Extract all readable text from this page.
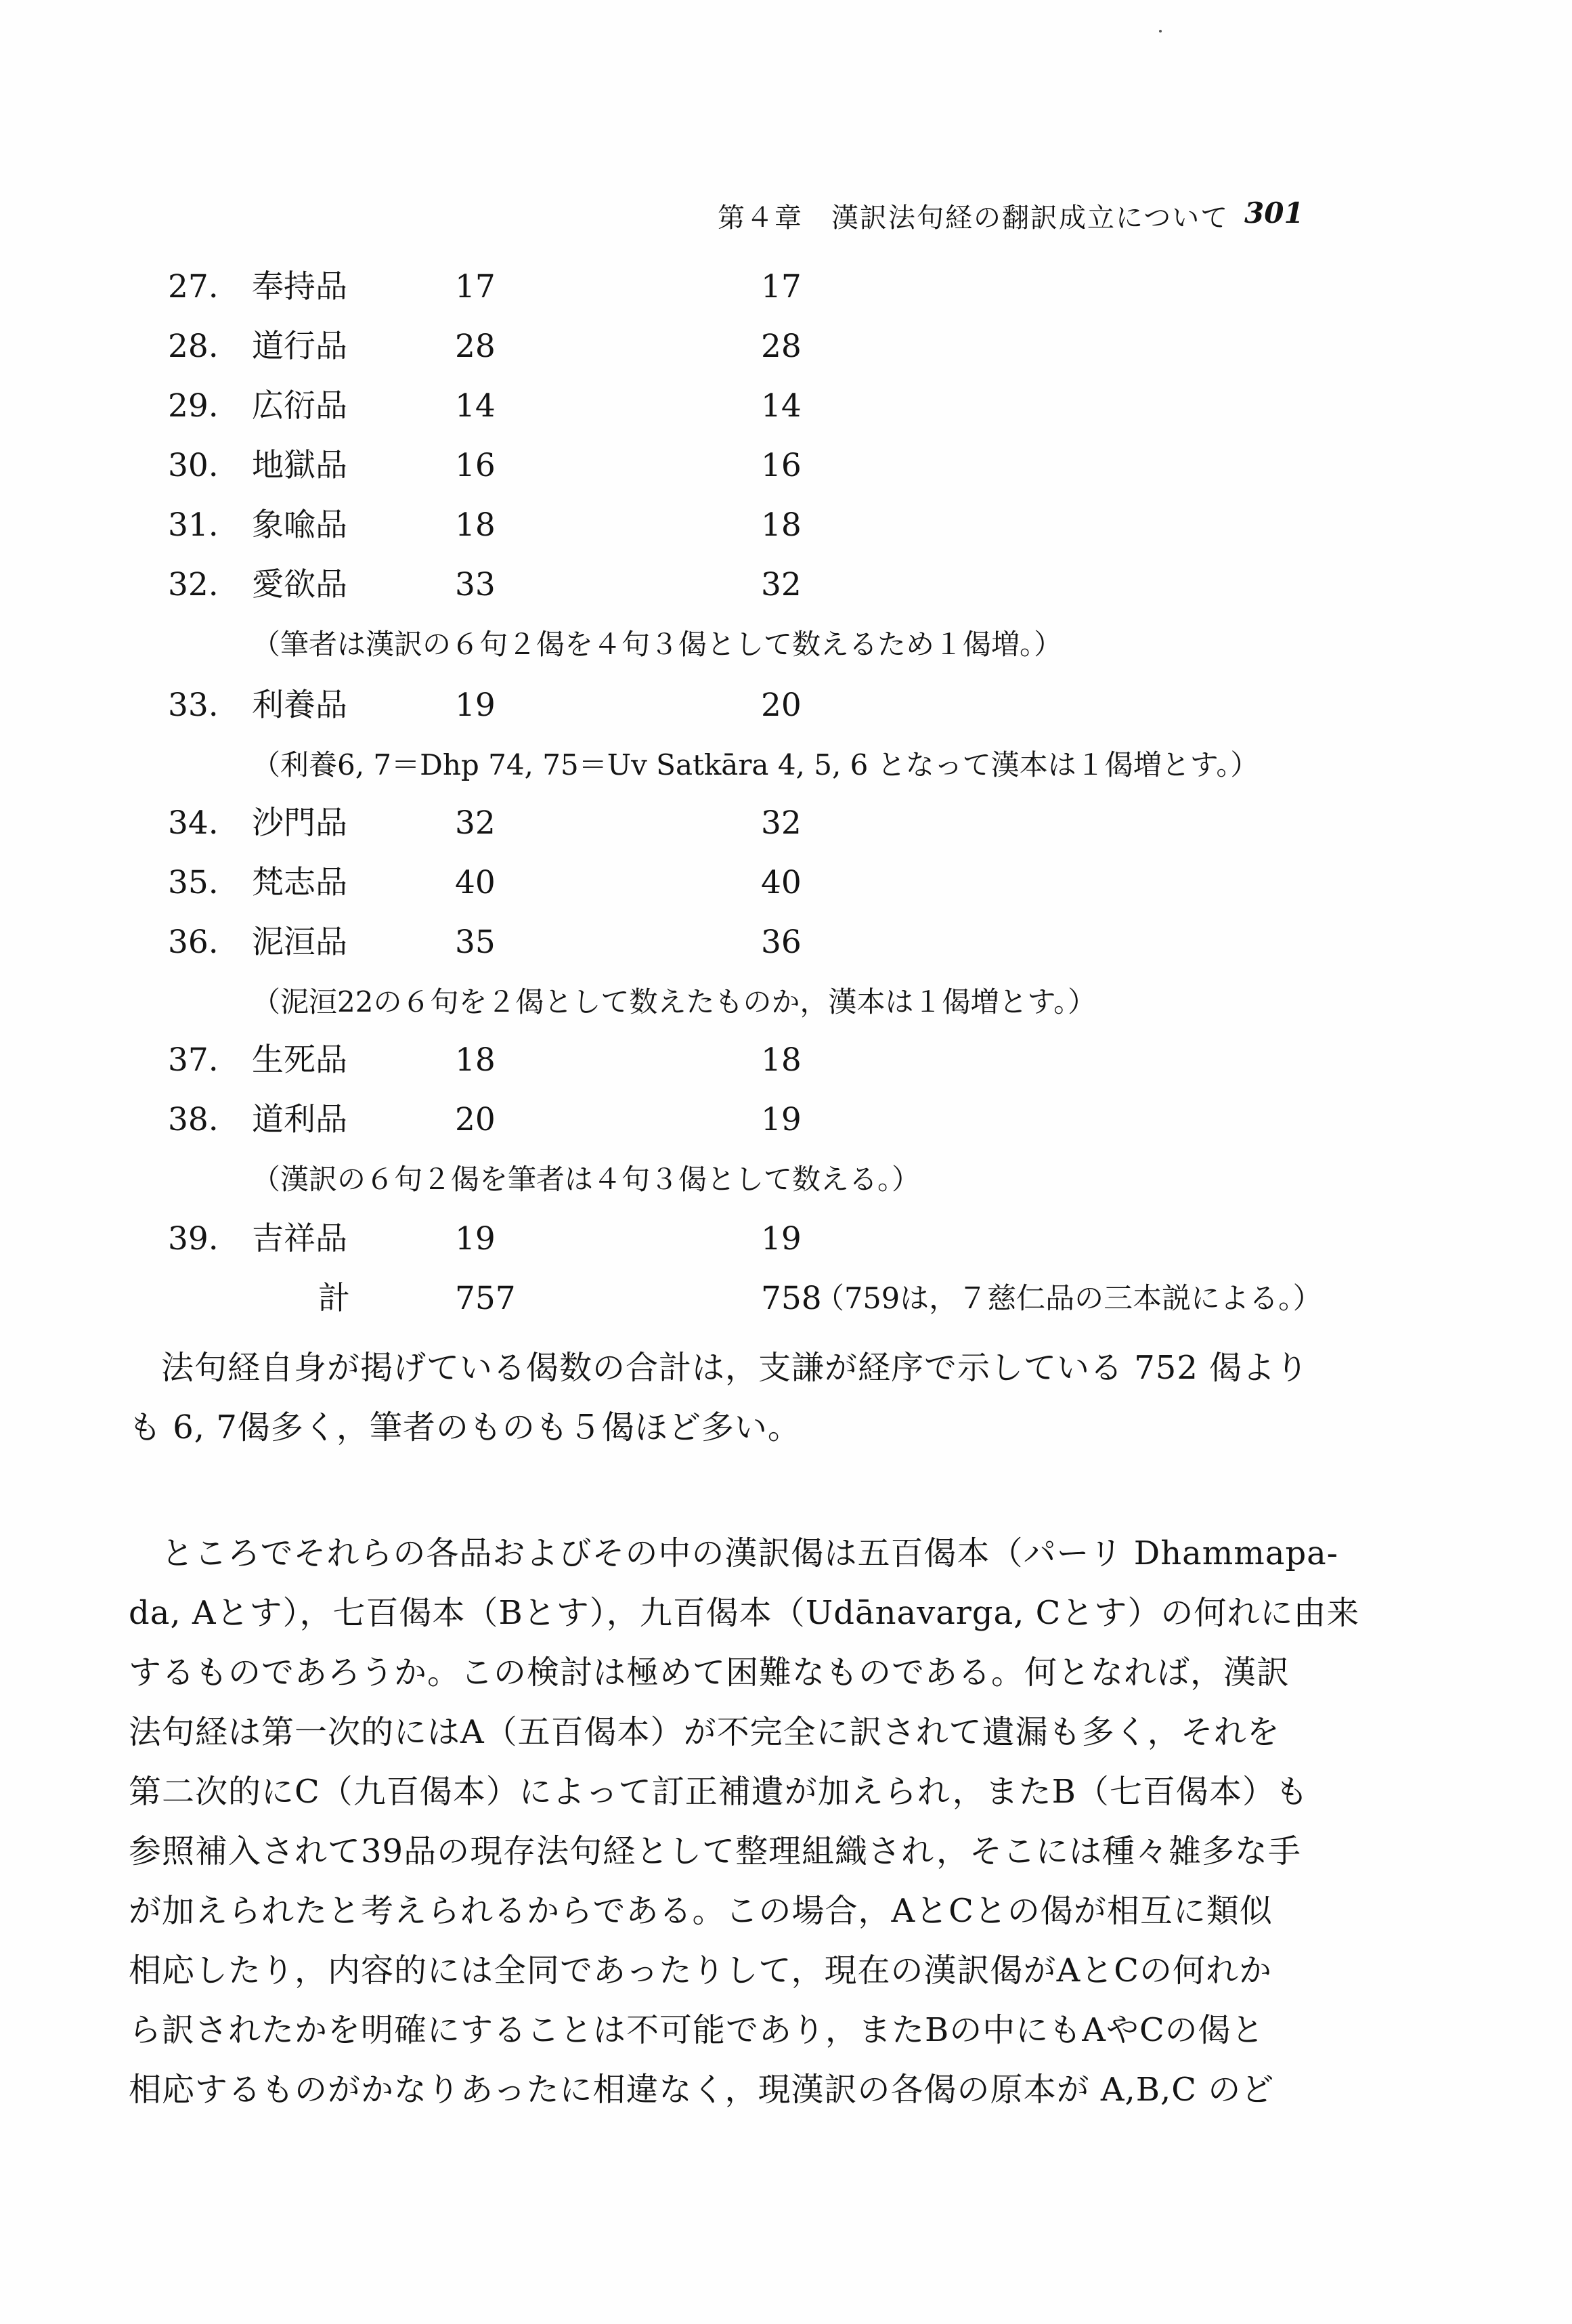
第４章　漢訳法句経の翻訳成立について 301
27. 奉持品	17	17
28. 道行品	28	28
29. 広衍品	14	14
30. 地獄品	16	16
31. 象喩品	18	18
32. 愛欲品	33	32
（筆者は漢訳の６句２偈を４句３偈として数えるため１偈増。）
33. 利養品	19	20
（利養6, 7＝Dhp 74, 75＝Uv Satkāra 4, 5, 6 となって漢本は１偈増とす。）
34. 沙門品	32	32
35. 梵志品	40	40
36. 泥洹品	35	36
（泥洹22の６句を２偈として数えたものか，漢本は１偈増とす。）
37. 生死品	18	18
38. 道利品	20	19
（漢訳の６句２偈を筆者は４句３偈として数える。）
39. 吉祥品	19	19
計	757	758
（759は，７慈仁品の三本説による。）
法句経自身が掲げている偈数の合計は，支謙が経序で示している 752 偈より
も 6, 7偈多く，筆者のものも５偈ほど多い。
ところでそれらの各品およびその中の漢訳偈は五百偈本（パーリ Dhammapa-
da, Aとす），七百偈本（Bとす），九百偈本（Udānavarga, Cとす）の何れに由来
するものであろうか。この検討は極めて困難なものである。何となれば，漢訳
法句経は第一次的にはA（五百偈本）が不完全に訳されて遺漏も多く，それを
第二次的にC（九百偈本）によって訂正補遺が加えられ，またB（七百偈本）も
参照補入されて39品の現存法句経として整理組織され，そこには種々雑多な手
が加えられたと考えられるからである。この場合，AとCとの偈が相互に類似
相応したり，内容的には全同であったりして，現在の漢訳偈がAとCの何れか
ら訳されたかを明確にすることは不可能であり，またBの中にもAやCの偈と
相応するものがかなりあったに相違なく，現漢訳の各偈の原本が A,B,C のど
